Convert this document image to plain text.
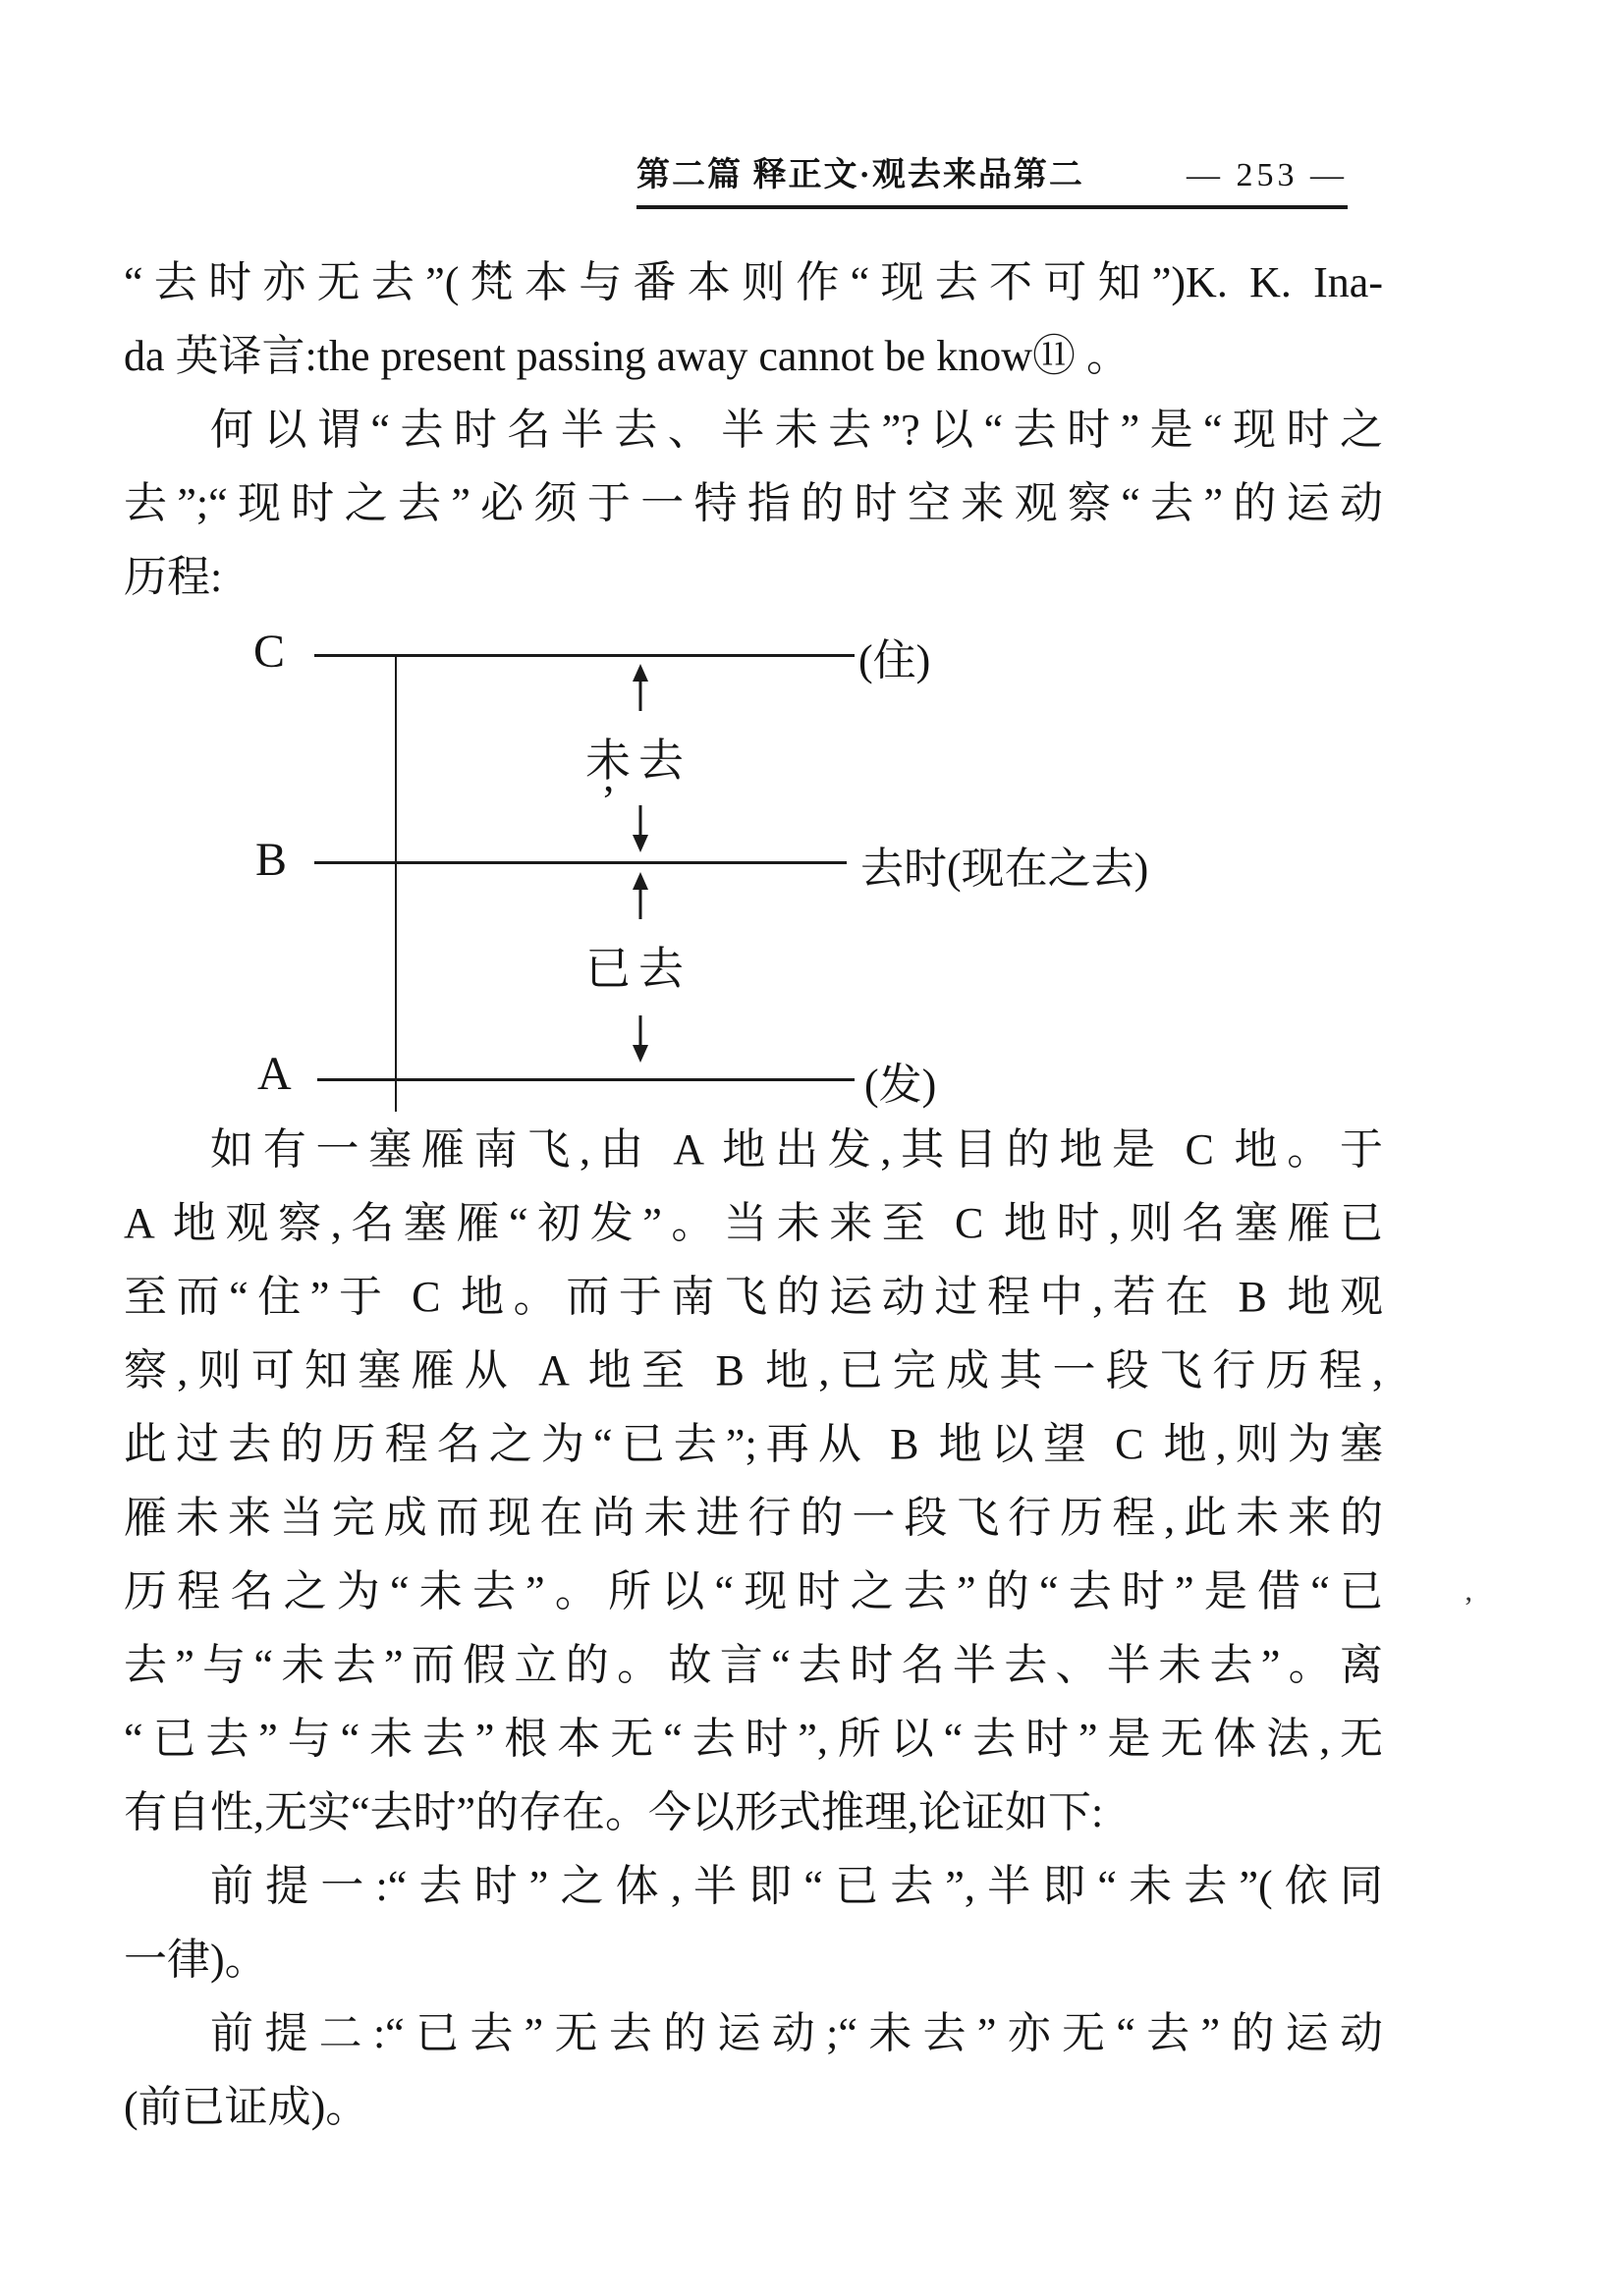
第二篇 释正文·观去来品第二	— 253 —
“去时亦无去”(梵本与番本则作“现去不可知”)K. K. Ina-
da 英译言:the present passing away cannot be know⑪ 。
何以谓“去时名半去、半未去”?以“去时”是“现时之
去”;“现时之去”必须于一特指的时空来观察“去”的运动
历程:
C	(住)
未去
’
B	去时(现在之去)
已去
A	(发)
如有一塞雁南飞,由 A 地出发,其目的地是 C 地。于
A 地观察,名塞雁“初发”。当未来至 C 地时,则名塞雁已
至而“住”于 C 地。而于南飞的运动过程中,若在 B 地观
察,则可知塞雁从 A 地至 B 地,已完成其一段飞行历程,
此过去的历程名之为“已去”;再从 B 地以望 C 地,则为塞
雁未来当完成而现在尚未进行的一段飞行历程,此未来的
历程名之为“未去”。所以“现时之去”的“去时”是借“已
去”与“未去”而假立的。故言“去时名半去、半未去”。离
“已去”与“未去”根本无“去时”,所以“去时”是无体法,无
有自性,无实“去时”的存在。今以形式推理,论证如下:
前提一:“去时”之体,半即“已去”,半即“未去”(依同
一律)。
前提二:“已去”无去的运动;“未去”亦无“去”的运动
(前已证成)。
’
